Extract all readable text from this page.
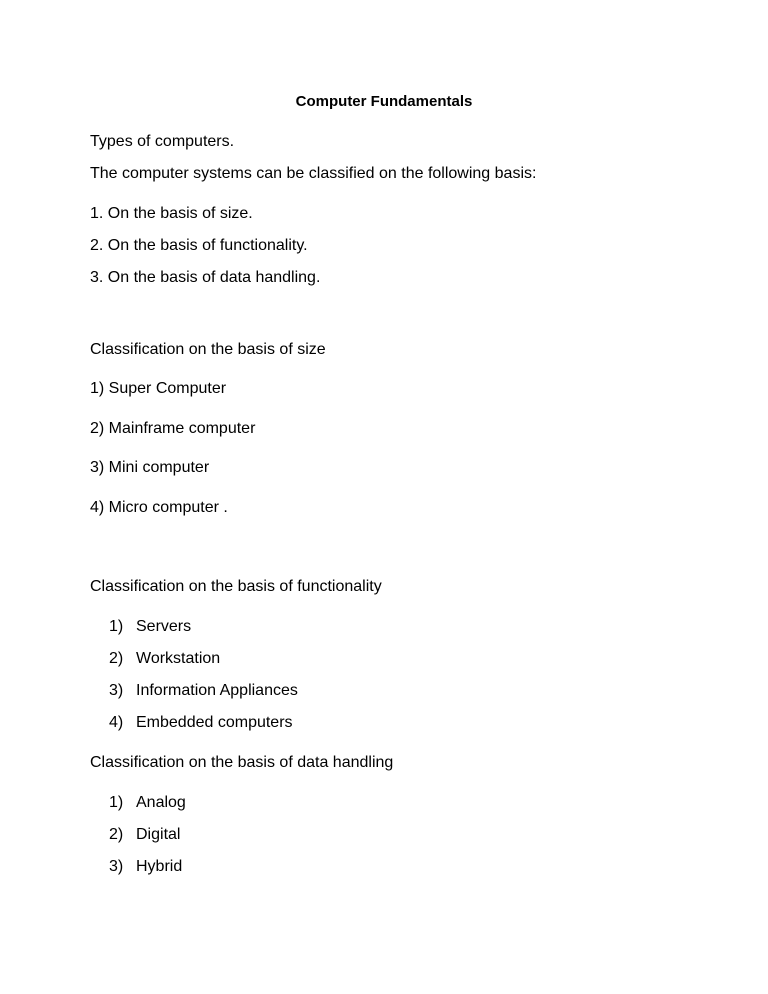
Computer Fundamentals
Types of computers.
The computer systems can be classified on the following basis:
1. On the basis of size.
2. On the basis of functionality.
3. On the basis of data handling.
Classification on the basis of size
1) Super Computer
2) Mainframe computer
3) Mini computer
4) Micro computer .
Classification on the basis of functionality
1) Servers
2) Workstation
3) Information Appliances
4) Embedded computers
Classification on the basis of data handling
1) Analog
2) Digital
3) Hybrid
